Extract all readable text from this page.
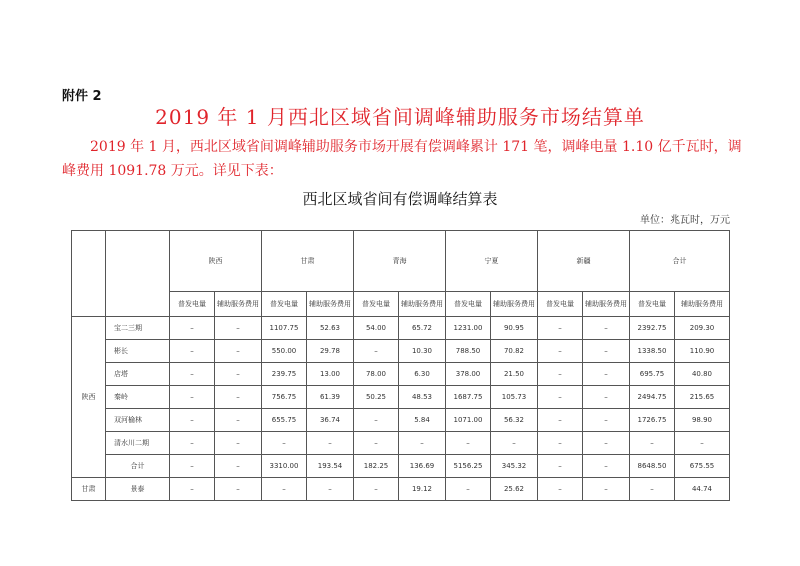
附件 2
2019 年 1 月西北区域省间调峰辅助服务市场结算单
2019 年 1 月，西北区域省间调峰辅助服务市场开展有偿调峰累计 171 笔，调峰电量 1.10 亿千瓦时，调峰费用 1091.78 万元。详见下表：
西北区域省间有偿调峰结算表
单位：兆瓦时，万元
		陕西		甘肃		青海		宁夏		新疆		合计	
		普发电量	辅助服务费用	普发电量	辅助服务费用	普发电量	辅助服务费用	普发电量	辅助服务费用	普发电量	辅助服务费用	普发电量	辅助服务费用
陕西	宝二三期	–	–	1107.75	52.63	54.00	65.72	1231.00	90.95	–	–	2392.75	209.30
	彬长	–	–	550.00	29.78	–	10.30	788.50	70.82	–	–	1338.50	110.90
	店塔	–	–	239.75	13.00	78.00	6.30	378.00	21.50	–	–	695.75	40.80
	秦岭	–	–	756.75	61.39	50.25	48.53	1687.75	105.73	–	–	2494.75	215.65
	双河榆林	–	–	655.75	36.74	–	5.84	1071.00	56.32	–	–	1726.75	98.90
	清水川二期	–	–	–	–	–	–	–	–	–	–	–	–
	合计	–	–	3310.00	193.54	182.25	136.69	5156.25	345.32	–	–	8648.50	675.55
甘肃	景泰	–	–	–	–	–	19.12	–	25.62	–	–	–	44.74
